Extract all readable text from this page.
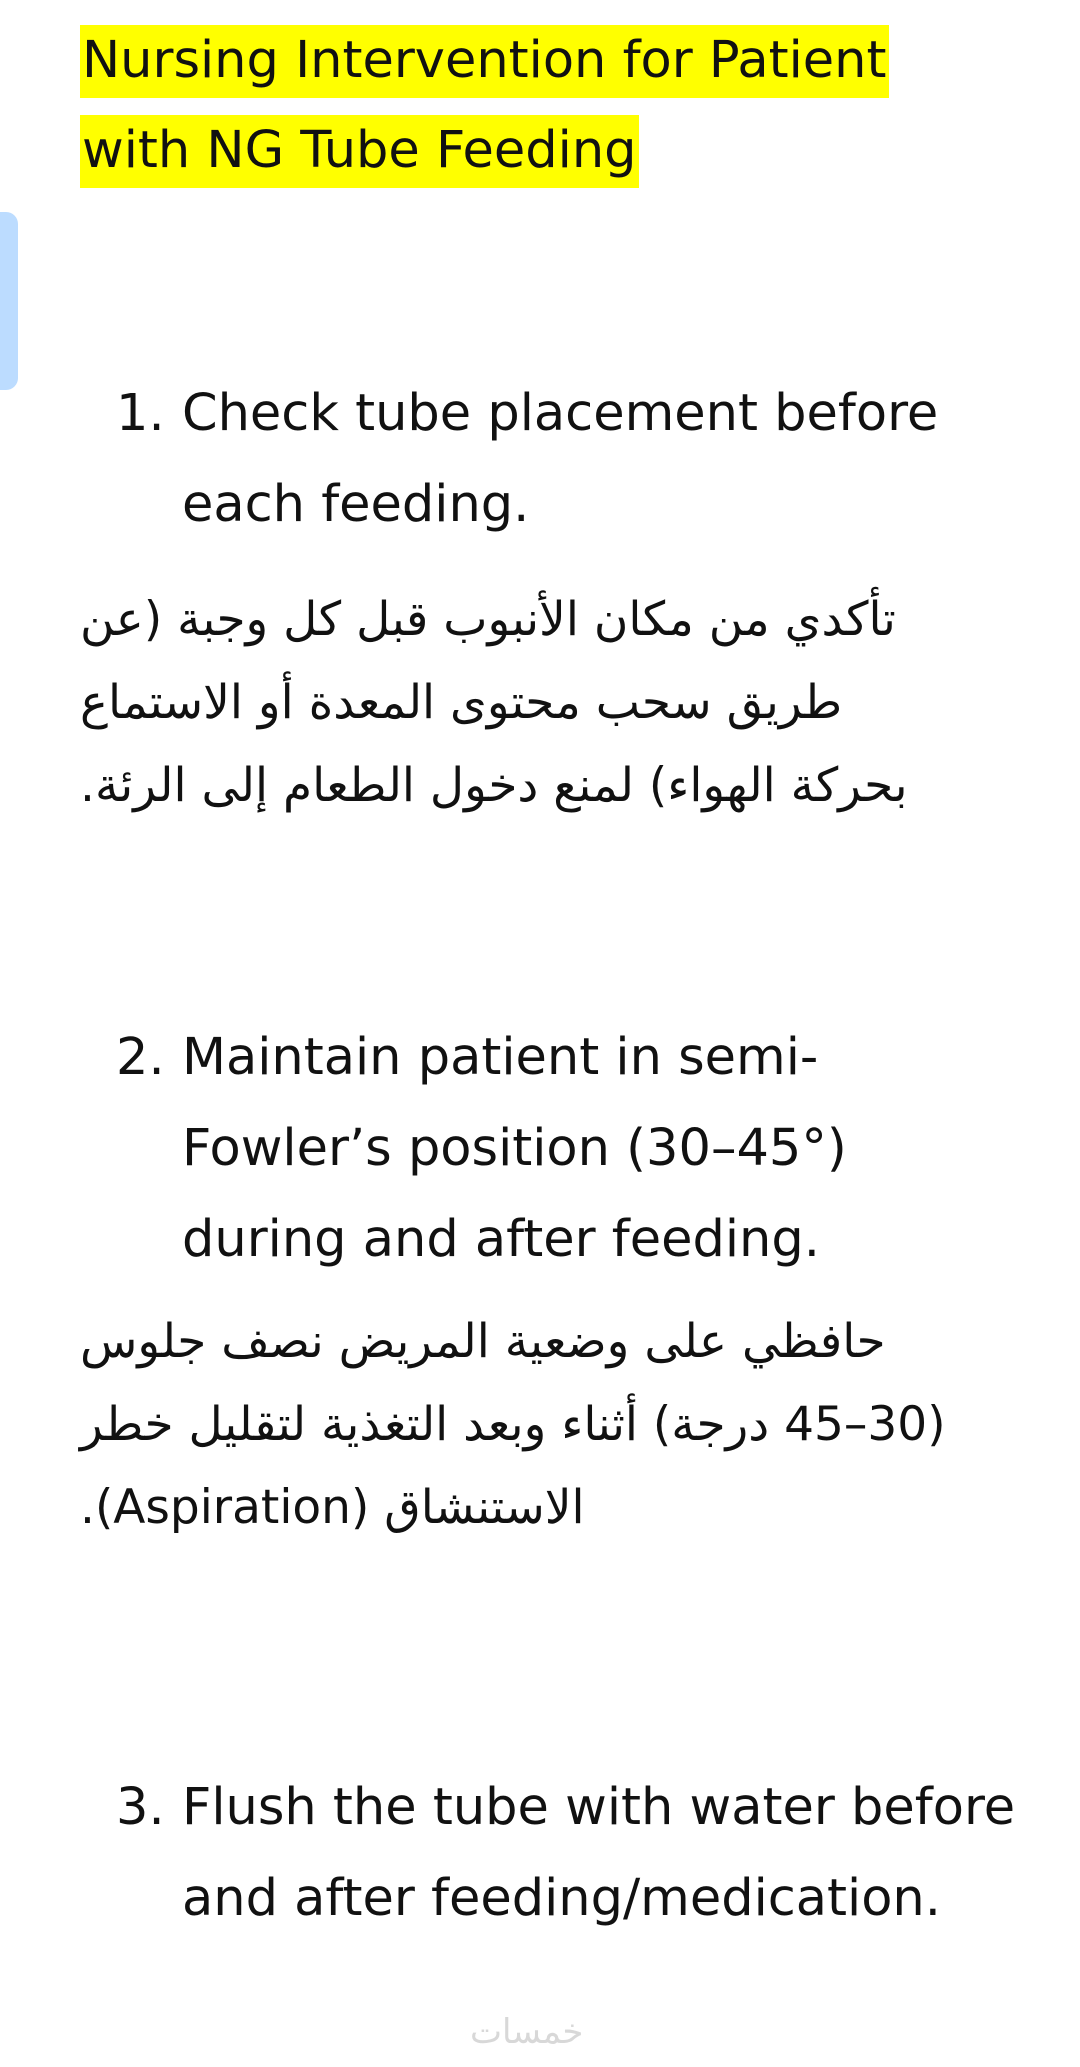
Nursing Intervention for Patient with NG Tube Feeding
1. Check tube placement before each feeding.
تأكدي من مكان الأنبوب قبل كل وجبة (عن طريق سحب محتوى المعدة أو الاستماع بحركة الهواء) لمنع دخول الطعام إلى الرئة.
2. Maintain patient in semi-Fowler’s position (30–45°) during and after feeding.
حافظي على وضعية المريض نصف جلوس (30–45 درجة) أثناء وبعد التغذية لتقليل خطر الاستنشاق (Aspiration).
3. Flush the tube with water before and after feeding/medication.
خمسات
